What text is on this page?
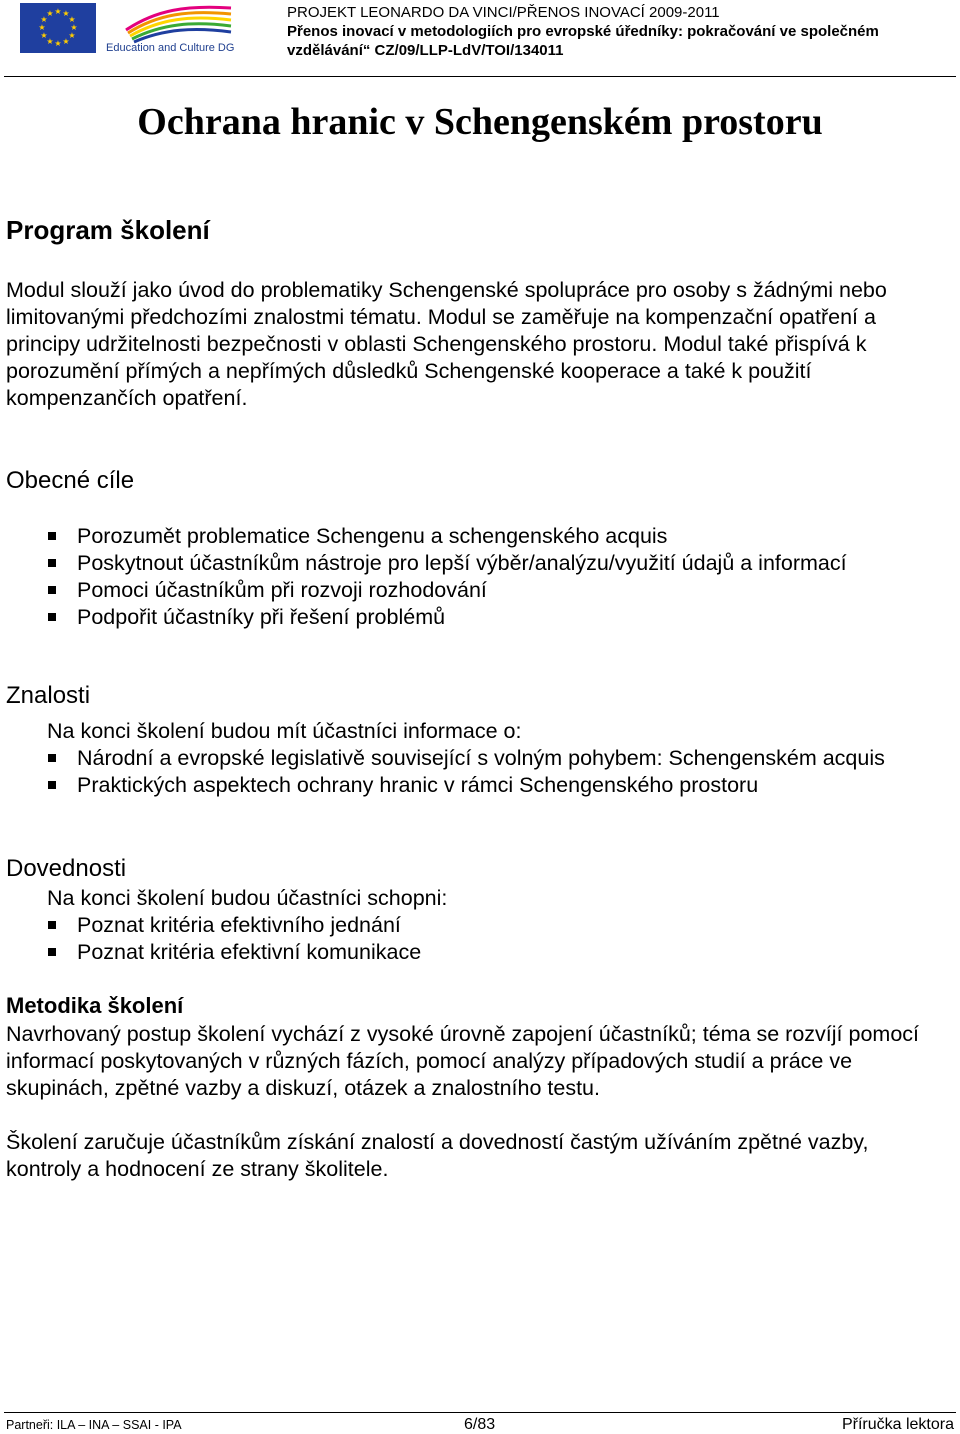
★ ★
★
★
★
★
★
★
★
★
★
★
Education and Culture DG
PROJEKT LEONARDO DA VINCI/PŘENOS INOVACÍ 2009-2011
Přenos inovací v metodologiích pro evropské úředníky: pokračování ve společném
vzdělávání“ CZ/09/LLP-LdV/TOI/134011
Ochrana hranic v Schengenském prostoru
Program školení

Modul slouží jako úvod do problematiky Schengenské spolupráce pro osoby s žádnými nebo limitovanými předchozími znalostmi tématu. Modul se zaměřuje na kompenzační opatření a principy udržitelnosti bezpečnosti v oblasti Schengenského prostoru. Modul také přispívá k porozumění přímých a nepřímých důsledků Schengenské kooperace a také k použití kompenzančích opatření.

Obecné cíle
Porozumět problematice Schengenu a schengenského acquis
Poskytnout účastníkům nástroje pro lepší výběr/analýzu/využití údajů a informací
Pomoci účastníkům při rozvoji rozhodování
Podpořit účastníky při řešení problémů
Znalosti

Na konci školení budou mít účastníci informace o:

Národní a evropské legislativě související s volným pohybem: Schengenském acquis
Praktických aspektech ochrany hranic v rámci Schengenského prostoru
Dovednosti

Na konci školení budou účastníci schopni:

Poznat kritéria efektivního jednání
Poznat kritéria efektivní komunikace
Metodika školení

Navrhovaný postup školení vychází z vysoké úrovně zapojení účastníků; téma se rozvíjí pomocí informací poskytovaných v různých fázích, pomocí analýzy případových studií a práce ve skupinách, zpětné vazby a diskuzí, otázek a znalostního testu.

Školení zaručuje účastníkům získání znalostí a dovedností častým užíváním zpětné vazby, kontroly a hodnocení ze strany školitele.

Partneři: ILA – INA – SSAI - IPA	6/83	Příručka lektora
